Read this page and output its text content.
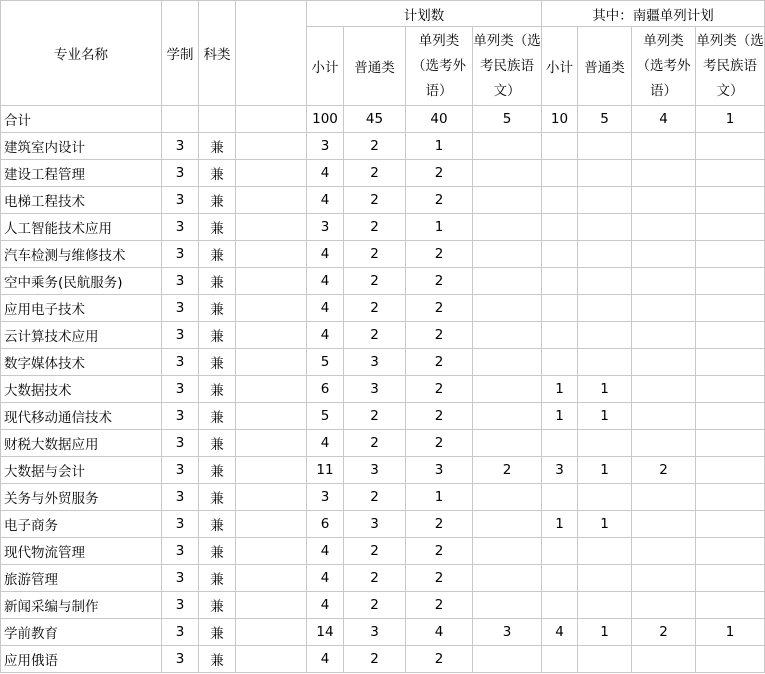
专业名称	学制	科类		计划数				其中：南疆单列计划			
				小计	普通类	单列类（选考外语）	单列类（选考民族语文）	小计	普通类	单列类（选考外语）	单列类（选考民族语文）
合计				100	45	40	5	10	5	4	1
建筑室内设计	3	兼		3	2	1					
建设工程管理	3	兼		4	2	2					
电梯工程技术	3	兼		4	2	2					
人工智能技术应用	3	兼		3	2	1					
汽车检测与维修技术	3	兼		4	2	2					
空中乘务(民航服务)	3	兼		4	2	2					
应用电子技术	3	兼		4	2	2					
云计算技术应用	3	兼		4	2	2					
数字媒体技术	3	兼		5	3	2					
大数据技术	3	兼		6	3	2		1	1		
现代移动通信技术	3	兼		5	2	2		1	1		
财税大数据应用	3	兼		4	2	2					
大数据与会计	3	兼		11	3	3	2	3	1	2	
关务与外贸服务	3	兼		3	2	1					
电子商务	3	兼		6	3	2		1	1		
现代物流管理	3	兼		4	2	2					
旅游管理	3	兼		4	2	2					
新闻采编与制作	3	兼		4	2	2					
学前教育	3	兼		14	3	4	3	4	1	2	1
应用俄语	3	兼		4	2	2					
